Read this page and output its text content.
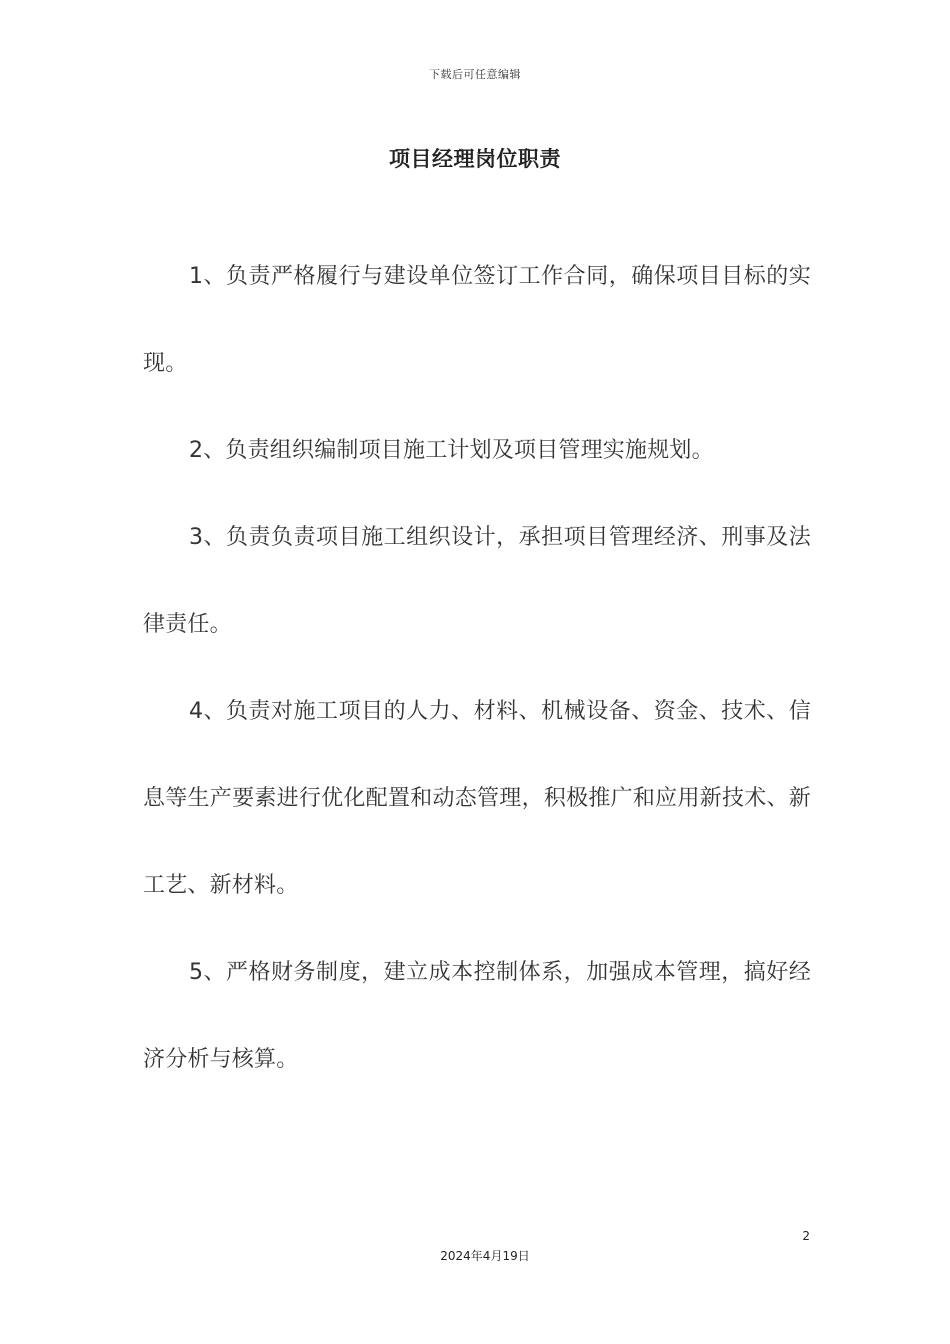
下载后可任意编辑
项目经理岗位职责

1、负责严格履行与建设单位签订工作合同，确保项目目标的实现。

2、负责组织编制项目施工计划及项目管理实施规划。

3、负责负责项目施工组织设计，承担项目管理经济、刑事及法律责任。

4、负责对施工项目的人力、材料、机械设备、资金、技术、信息等生产要素进行优化配置和动态管理，积极推广和应用新技术、新工艺、新材料。

5、严格财务制度，建立成本控制体系，加强成本管理，搞好经济分析与核算。

2
2024年4月19日
